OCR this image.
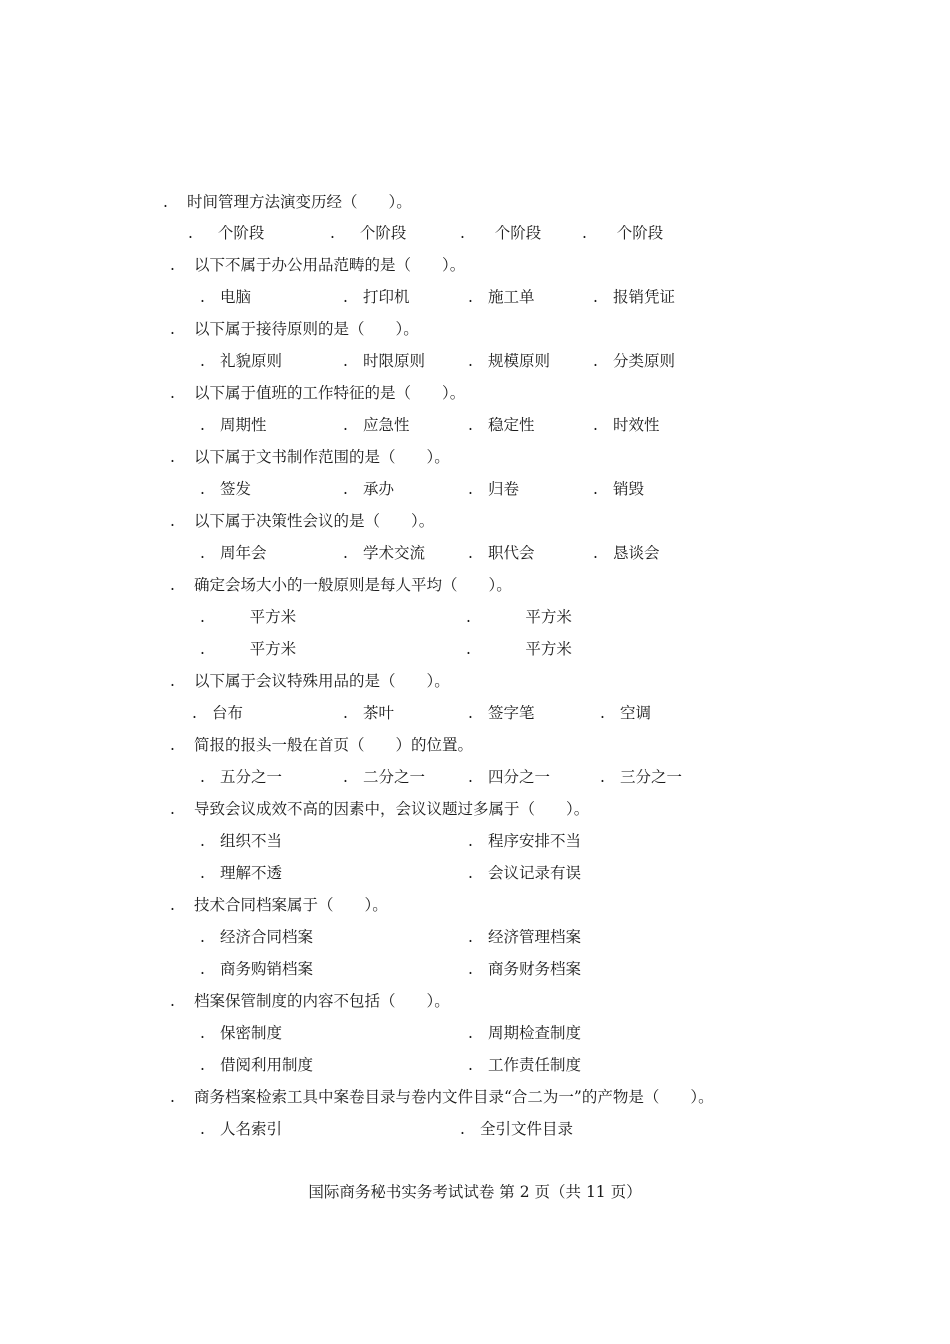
. 时间管理方法演变历经（　　）。
. 个阶段	. 个阶段	. 个阶段	. 个阶段
. 以下不属于办公用品范畴的是（　　）。
. 电脑	. 打印机	. 施工单	. 报销凭证
. 以下属于接待原则的是（　　）。
. 礼貌原则	. 时限原则	. 规模原则	. 分类原则
. 以下属于值班的工作特征的是（　　）。
. 周期性	. 应急性	. 稳定性	. 时效性
. 以下属于文书制作范围的是（　　）。
. 签发	. 承办	. 归卷	. 销毁
. 以下属于决策性会议的是（　　）。
. 周年会	. 学术交流	. 职代会	. 恳谈会
. 确定会场大小的一般原则是每人平均（　　）。
.	平方米	.	平方米
.	平方米	.	平方米
. 以下属于会议特殊用品的是（　　）。
. 台布	. 茶叶	. 签字笔	. 空调
. 简报的报头一般在首页（　　）的位置。
. 五分之一	. 二分之一	. 四分之一	. 三分之一
. 导致会议成效不高的因素中，会议议题过多属于（　　）。
. 组织不当	. 程序安排不当
. 理解不透	. 会议记录有误
. 技术合同档案属于（　　）。
. 经济合同档案	. 经济管理档案
. 商务购销档案	. 商务财务档案
. 档案保管制度的内容不包括（　　）。
. 保密制度	. 周期检查制度
. 借阅利用制度	. 工作责任制度
. 商务档案检索工具中案卷目录与卷内文件目录“合二为一”的产物是（　　）。
. 人名索引	. 全引文件目录
国际商务秘书实务考试试卷 第 2 页（共 11 页）
